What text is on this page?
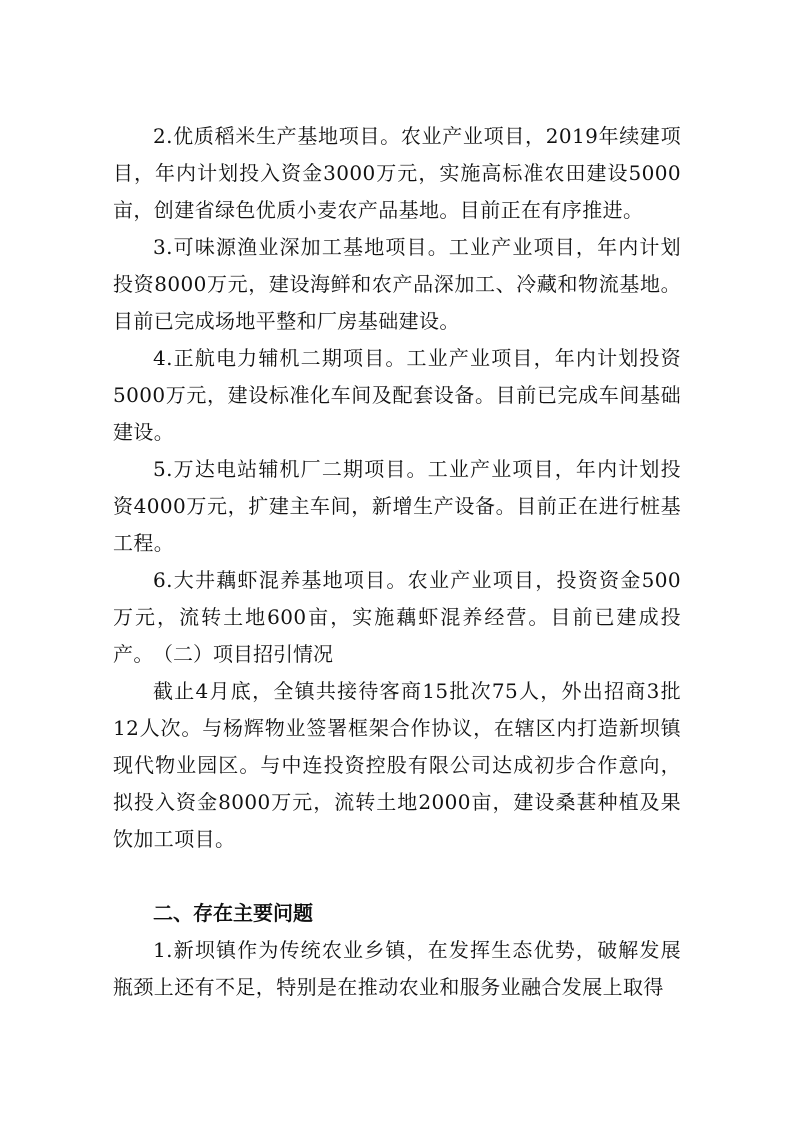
2.优质稻米生产基地项目。农业产业项目，2019年续建项目，年内计划投入资金3000万元，实施高标准农田建设5000亩，创建省绿色优质小麦农产品基地。目前正在有序推进。

3.可味源渔业深加工基地项目。工业产业项目，年内计划投资8000万元，建设海鲜和农产品深加工、冷藏和物流基地。目前已完成场地平整和厂房基础建设。

4.正航电力辅机二期项目。工业产业项目，年内计划投资5000万元，建设标准化车间及配套设备。目前已完成车间基础建设。

5.万达电站辅机厂二期项目。工业产业项目，年内计划投资4000万元，扩建主车间，新增生产设备。目前正在进行桩基工程。

6.大井藕虾混养基地项目。农业产业项目，投资资金500万元，流转土地600亩，实施藕虾混养经营。目前已建成投产。 （二）项目招引情况

截止4月底，全镇共接待客商15批次75人，外出招商3批12人次。与杨辉物业签署框架合作协议，在辖区内打造新坝镇现代物业园区。与中连投资控股有限公司达成初步合作意向，拟投入资金8000万元，流转土地2000亩，建设桑葚种植及果饮加工项目。

二、存在主要问题

1.新坝镇作为传统农业乡镇，在发挥生态优势，破解发展瓶颈上还有不足，特别是在推动农业和服务业融合发展上取得
